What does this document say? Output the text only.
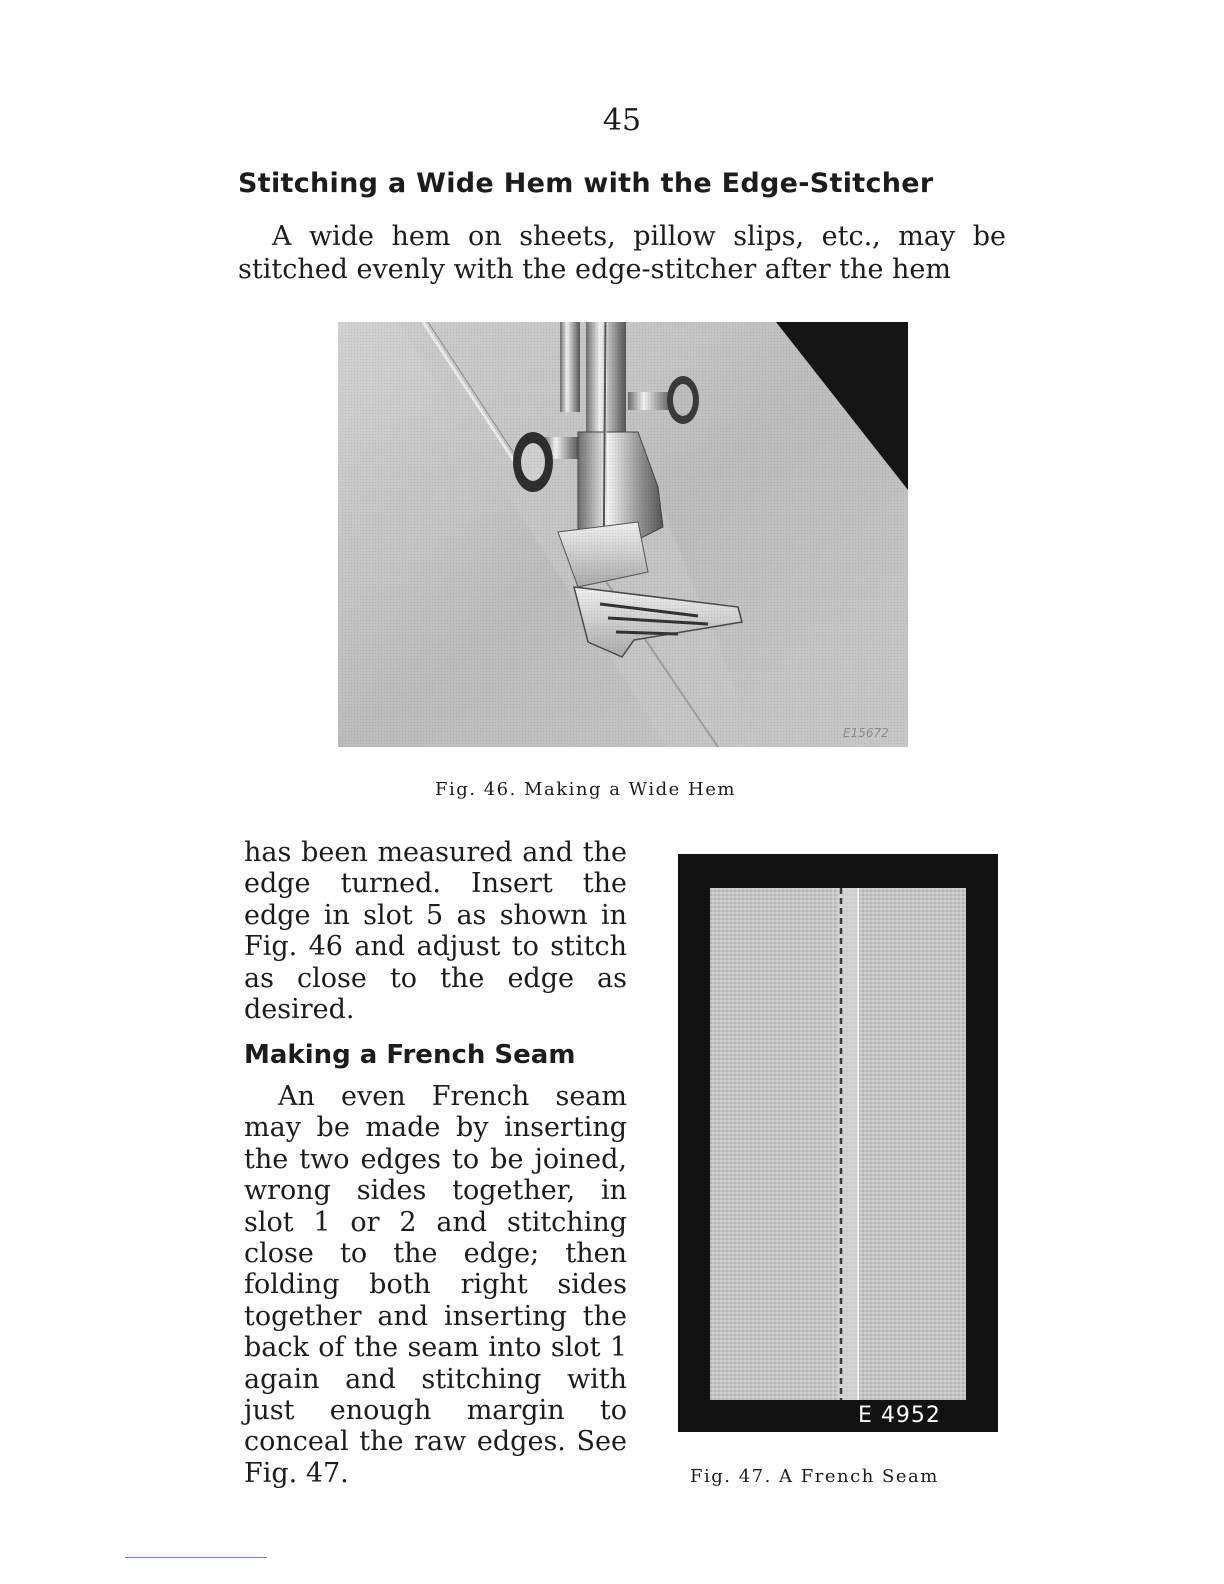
45
Stitching a Wide Hem with the Edge-Stitcher

A wide hem on sheets, pillow slips, etc., may be stitched evenly with the edge-stitcher after the hem

E15672
Fig. 46. Making a Wide Hem

has been measured and the edge turned. Insert the edge in slot 5 as shown in Fig. 46 and adjust to stitch as close to the edge as desired.

Making a French Seam

An even French seam may be made by inserting the two edges to be joined, wrong sides together, in slot 1 or 2 and stitching close to the edge; then folding both right sides together and inserting the back of the seam into slot 1 again and stitching with just enough margin to conceal the raw edges. See Fig. 47.

E 4952
Fig. 47. A French Seam
